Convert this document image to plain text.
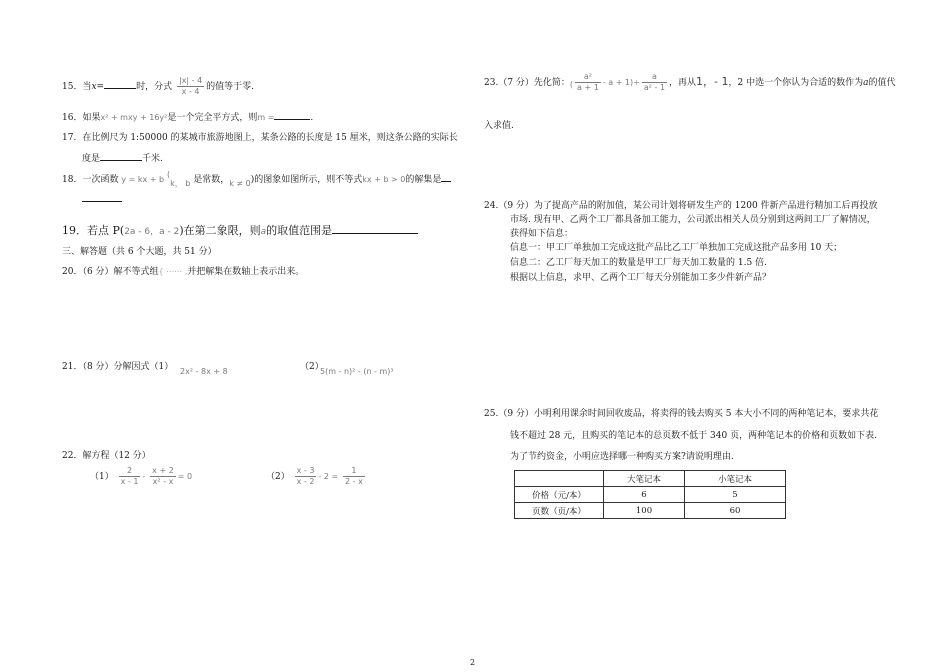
15．当x=	时，分式 $\frac{|x| - 4}{x - 4}$ 的值等于零.
16．如果x² + mxy + 16y²是一个完全平方式，则m =	.
17．在比例尺为 1:50000 的某城市旅游地图上，某条公路的长度是 15 厘米，则这条公路的实际长
度是	千米.
18．一次函数 y = kx + b (k， b 是常数，k ≠ 0)的图象如图所示，则不等式kx + b > 0的解集是
19．若点 P(2a - 6，a - 2)在第二象限，则a的取值范围是
三、解答题（共 6 个大题，共 51 分）
20．（6 分）解不等式组{ ⋯⋯ ,并把解集在数轴上表示出来。
21．（8 分）分解因式（1） 2x² - 8x + 8	（2）
5(m - n)² - (n - m)³
22．解方程（12 分）
$(1) \frac{2}{x - 1} - \frac{x + 2}{\text{x² - x}} = 0$	$(2) \frac{x - 3}{x - 2} - 2 = \frac{1}{2 - x}$
23.（7 分）先化简：( $\frac{\text{a²}}{a + 1} - a + 1)\div \frac{a}{\text{a² - 1}}$ ，再从1，- 1，2 中选一个你认为合适的数作为a的值代
入求值.
24.（9 分）为了提高产品的附加值，某公司计划将研发生产的 1200 件新产品进行精加工后再投放
市场. 现有甲、乙两个工厂都具备加工能力，公司派出相关人员分别到这两间工厂了解情况，
获得如下信息：
信息一：甲工厂单独加工完成这批产品比乙工厂单独加工完成这批产品多用 10 天；
信息二：乙工厂每天加工的数量是甲工厂每天加工数量的 1.5 倍.
根据以上信息，求甲、乙两个工厂每天分别能加工多少件新产品？
25.（9 分）小明利用课余时间回收废品，将卖得的钱去购买 5 本大小不同的两种笔记本，要求共花
钱不超过 28 元，且购买的笔记本的总页数不低于 340 页，两种笔记本的价格和页数如下表.
为了节约资金，小明应选择哪一种购买方案?请说明理由.
	大笔记本	小笔记本
价格（元/本）	6	5
页数（页/本）	100	60
2
